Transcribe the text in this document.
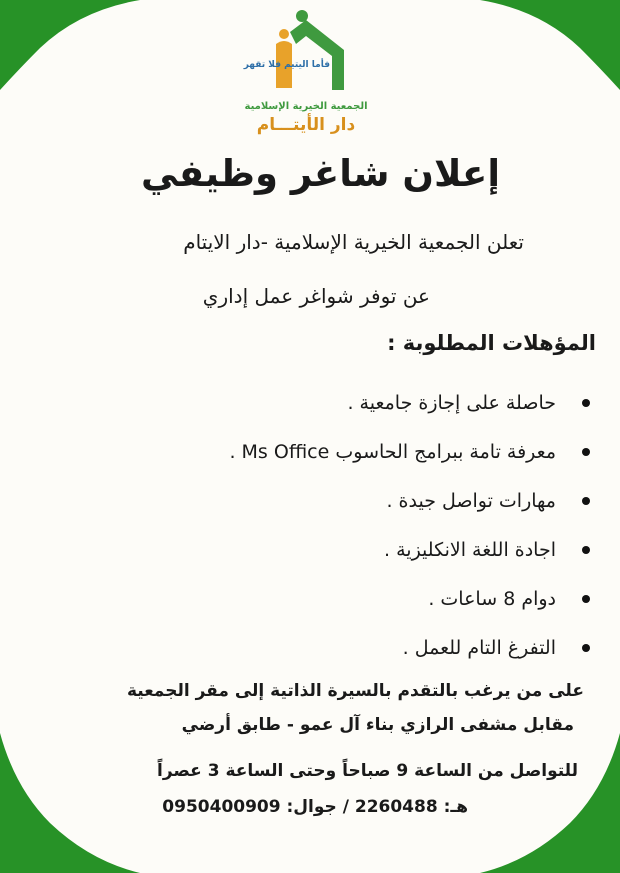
فأما اليتيم فلا تقهر
الجمعية الخيرية الإسلامية
دار الأيتـــام
إعلان شاغر وظيفي
تعلن الجمعية الخيرية الإسلامية -دار الايتام
عن توفر شواغر عمل إداري
المؤهلات المطلوبة :
حاصلة على إجازة جامعية .
معرفة تامة ببرامج الحاسوب Ms Office .
مهارات تواصل جيدة .
اجادة اللغة الانكليزية .
دوام 8 ساعات .
التفرغ التام للعمل .
على من يرغب بالتقدم بالسيرة الذاتية إلى مقر الجمعية
مقابل مشفى الرازي بناء آل عمو - طابق أرضي
للتواصل من الساعة 9 صباحاً وحتى الساعة 3 عصراً
هـ: 2260488 / جوال: 0950400909
